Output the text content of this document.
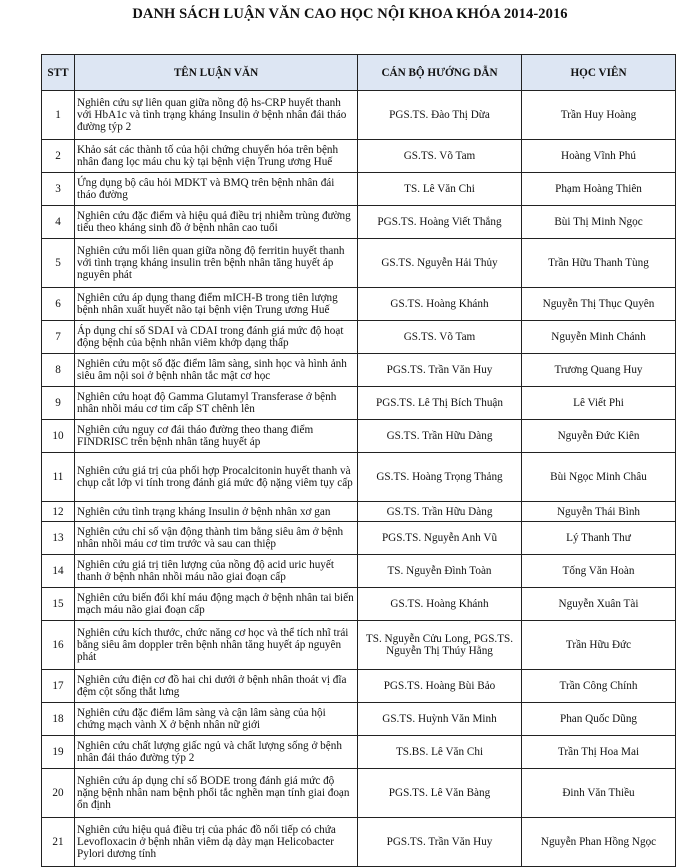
DANH SÁCH LUẬN VĂN CAO HỌC NỘI KHOA KHÓA 2014-2016
STT	TÊN LUẬN VĂN	CÁN BỘ HƯỚNG DẪN	HỌC VIÊN
1	Nghiên cứu sự liên quan giữa nồng độ hs-CRP huyết thanh với HbA1c và tình trạng kháng Insulin ở bệnh nhân đái tháo đường týp 2	PGS.TS. Đào Thị Dừa	Trần Huy Hoàng
2	Khảo sát các thành tố của hội chứng chuyển hóa trên bệnh nhân đang lọc máu chu kỳ tại bệnh viện Trung ương Huế	GS.TS. Võ Tam	Hoàng Vĩnh Phú
3	Ứng dụng bộ câu hỏi MDKT và BMQ trên bệnh nhân đái tháo đường	TS. Lê Văn Chi	Phạm Hoàng Thiên
4	Nghiên cứu đặc điểm và hiệu quả điều trị nhiễm trùng đường tiểu theo kháng sinh đồ ở bệnh nhân cao tuổi	PGS.TS. Hoàng Viết Thắng	Bùi Thị Minh Ngọc
5	Nghiên cứu mối liên quan giữa nồng độ ferritin huyết thanh với tình trạng kháng insulin trên bệnh nhân tăng huyết áp nguyên phát	GS.TS. Nguyễn Hải Thủy	Trần Hữu Thanh Tùng
6	Nghiên cứu áp dụng thang điểm mICH-B trong tiên lượng bệnh nhân xuất huyết não tại bệnh viện Trung ương Huế	GS.TS. Hoàng Khánh	Nguyễn Thị Thục Quyên
7	Áp dụng chỉ số SDAI và CDAI trong đánh giá mức độ hoạt động bệnh của bệnh nhân viêm khớp dạng thấp	GS.TS. Võ Tam	Nguyễn Minh Chánh
8	Nghiên cứu một số đặc điểm lâm sàng, sinh học và hình ảnh siêu âm nội soi ở bệnh nhân tắc mật cơ học	PGS.TS. Trần Văn Huy	Trương Quang Huy
9	Nghiên cứu hoạt độ Gamma Glutamyl Transferase ở bệnh nhân nhồi máu cơ tim cấp ST chênh lên	PGS.TS. Lê Thị Bích Thuận	Lê Viết Phi
10	Nghiên cứu nguy cơ đái tháo đường theo thang điểm FINDRISC trên bệnh nhân tăng huyết áp	GS.TS. Trần Hữu Dàng	Nguyễn Đức Kiên
11	Nghiên cứu giá trị của phối hợp Procalcitonin huyết thanh và chụp cắt lớp vi tính trong đánh giá mức độ nặng viêm tụy cấp	GS.TS. Hoàng Trọng Thảng	Bùi Ngọc Minh Châu
12	Nghiên cứu tình trạng kháng Insulin ở bệnh nhân xơ gan	GS.TS. Trần Hữu Dàng	Nguyễn Thái Bình
13	Nghiên cứu chỉ số vận động thành tim bằng siêu âm ở bệnh nhân nhồi máu cơ tim trước và sau can thiệp	PGS.TS. Nguyễn Anh Vũ	Lý Thanh Thư
14	Nghiên cứu giá trị tiên lượng của nồng độ acid uric huyết thanh ở bệnh nhân nhồi máu não giai đoạn cấp	TS. Nguyễn Đình Toàn	Tống Văn Hoàn
15	Nghiên cứu biến đổi khí máu động mạch ở bệnh nhân tai biến mạch máu não giai đoạn cấp	GS.TS. Hoàng Khánh	Nguyễn Xuân Tài
16	Nghiên cứu kích thước, chức năng cơ học và thể tích nhĩ trái bằng siêu âm doppler trên bệnh nhân tăng huyết áp nguyên phát	TS. Nguyễn Cửu Long, PGS.TS. Nguyễn Thị Thúy Hằng	Trần Hữu Đức
17	Nghiên cứu điện cơ đồ hai chi dưới ở bệnh nhân thoát vị đĩa đệm cột sống thắt lưng	PGS.TS. Hoàng Bùi Bảo	Trần Công Chính
18	Nghiên cứu đặc điểm lâm sàng và cận lâm sàng của hội chứng mạch vành X ở bệnh nhân nữ giới	GS.TS. Huỳnh Văn Minh	Phan Quốc Dũng
19	Nghiên cứu chất lượng giấc ngủ và chất lượng sống ở bệnh nhân đái tháo đường týp 2	TS.BS. Lê Văn Chi	Trần Thị Hoa Mai
20	Nghiên cứu áp dụng chỉ số BODE trong đánh giá mức độ nặng bệnh nhân nam bệnh phổi tắc nghẽn mạn tính giai đoạn ổn định	PGS.TS. Lê Văn Bàng	Đinh Văn Thiều
21	Nghiên cứu hiệu quả điều trị của phác đồ nối tiếp có chứa Levofloxacin ở bệnh nhân viêm dạ dày mạn Helicobacter Pylori dương tính	PGS.TS. Trần Văn Huy	Nguyễn Phan Hồng Ngọc
